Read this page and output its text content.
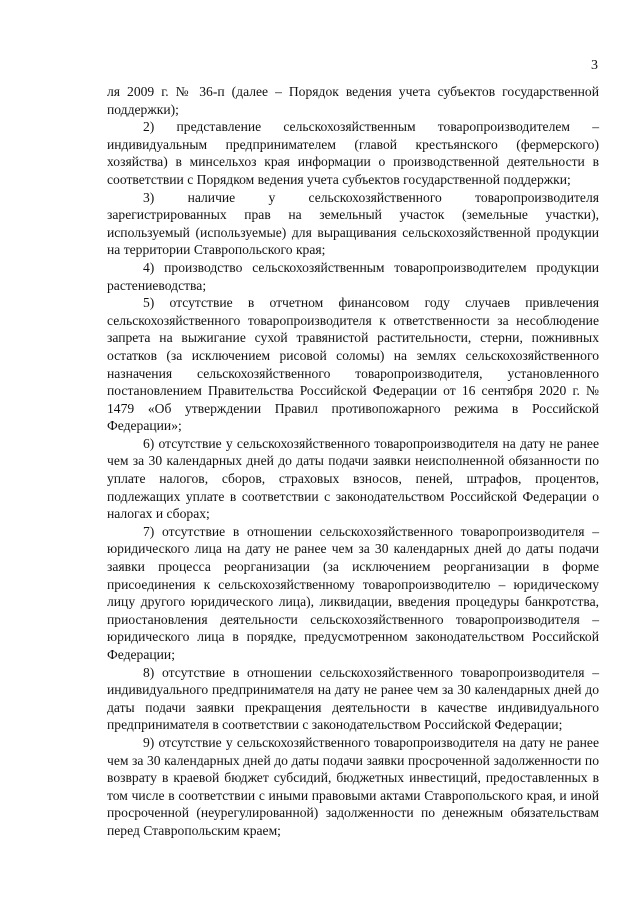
3

ля 2009 г. № 36-п (далее – Порядок ведения учета субъектов государственной поддержки);

2) представление сельскохозяйственным товаропроизводителем – индивидуальным предпринимателем (главой крестьянского (фермерского) хозяйства) в минсельхоз края информации о производственной деятельности в соответствии с Порядком ведения учета субъектов государственной поддержки;

3) наличие у сельскохозяйственного товаропроизводителя зарегистрированных прав на земельный участок (земельные участки), используемый (используемые) для выращивания сельскохозяйственной продукции на территории Ставропольского края;

4) производство сельскохозяйственным товаропроизводителем продукции растениеводства;

5) отсутствие в отчетном финансовом году случаев привлечения сельскохозяйственного товаропроизводителя к ответственности за несоблюдение запрета на выжигание сухой травянистой растительности, стерни, пожнивных остатков (за исключением рисовой соломы) на землях сельскохозяйственного назначения сельскохозяйственного товаропроизводителя, установленного постановлением Правительства Российской Федерации от 16 сентября 2020 г. № 1479 «Об утверждении Правил противопожарного режима в Российской Федерации»;

6) отсутствие у сельскохозяйственного товаропроизводителя на дату не ранее чем за 30 календарных дней до даты подачи заявки неисполненной обязанности по уплате налогов, сборов, страховых взносов, пеней, штрафов, процентов, подлежащих уплате в соответствии с законодательством Российской Федерации о налогах и сборах;

7) отсутствие в отношении сельскохозяйственного товаропроизводителя – юридического лица на дату не ранее чем за 30 календарных дней до даты подачи заявки процесса реорганизации (за исключением реорганизации в форме присоединения к сельскохозяйственному товаропроизводителю – юридическому лицу другого юридического лица), ликвидации, введения процедуры банкротства, приостановления деятельности сельскохозяйственного товаропроизводителя – юридического лица в порядке, предусмотренном законодательством Российской Федерации;

8) отсутствие в отношении сельскохозяйственного товаропроизводителя – индивидуального предпринимателя на дату не ранее чем за 30 календарных дней до даты подачи заявки прекращения деятельности в качестве индивидуального предпринимателя в соответствии с законодательством Российской Федерации;

9) отсутствие у сельскохозяйственного товаропроизводителя на дату не ранее чем за 30 календарных дней до даты подачи заявки просроченной задолженности по возврату в краевой бюджет субсидий, бюджетных инвестиций, предоставленных в том числе в соответствии с иными правовыми актами Ставропольского края, и иной просроченной (неурегулированной) задолженности по денежным обязательствам перед Ставропольским краем;
